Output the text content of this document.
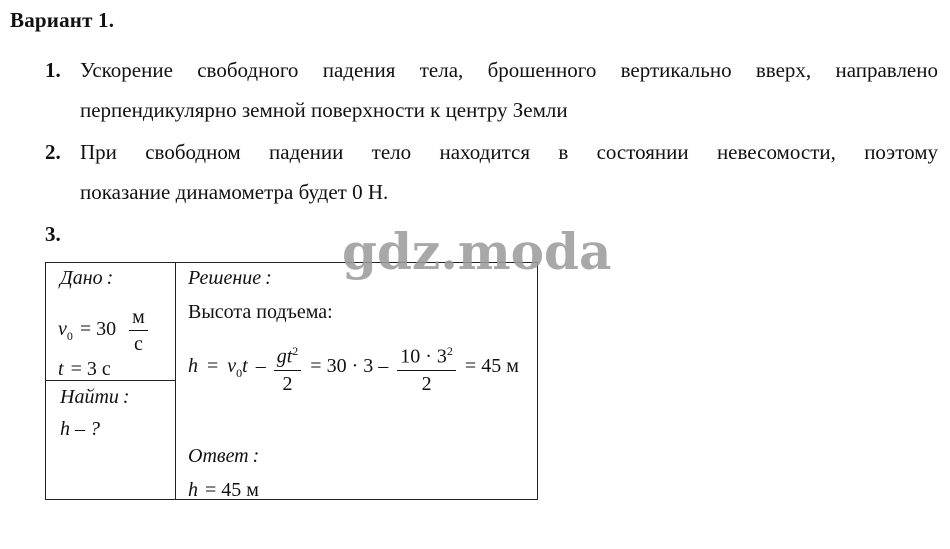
Вариант 1.
1. Ускорение свободного падения тела, брошенного вертикально вверх, направлено
перпендикулярно земной поверхности к центру Земли
2. При свободном падении тело находится в состоянии невесомости, поэтому
показание динамометра будет 0 Н.
3.
Дано :
$v_0 = 30 \frac{м}{с}$
t = 3 с
Найти :
h – ?
Решение :
Высота подъема:
$h = v_0t - \frac{gt^2}{2} = 30 \cdot 3 - \frac{10 \cdot 3^2}{2} = 45$ м
Ответ :
h = 45 м
gdz.moda
